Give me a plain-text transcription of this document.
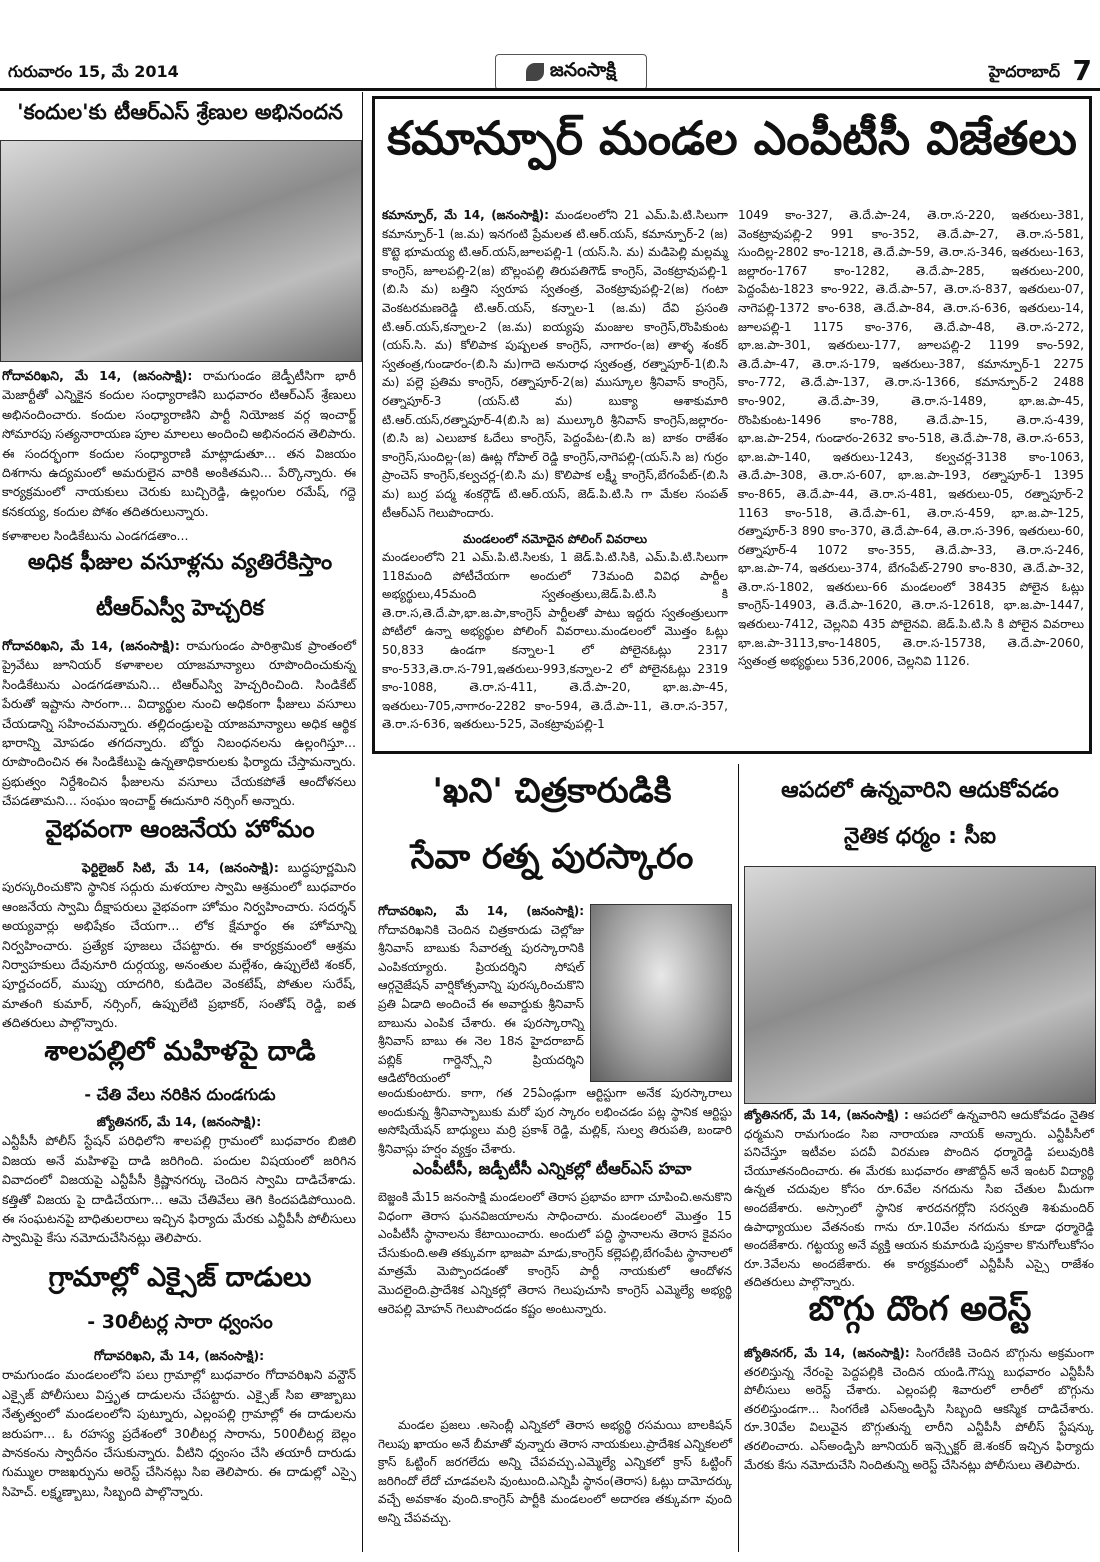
గురువారం 15, మే 2014	జనంసాక్షి	హైదరాబాద్ 7
'కందుల'కు టీఆర్ఎస్ శ్రేణుల అభినందన
గోదావరిఖని, మే 14, (జనంసాక్షి): రామగుండం జెడ్పీటీసిగా భారీ మెజార్టీతో ఎన్నికైన కందుల సంధ్యారాణిని బుధవారం టిఆర్ఎస్ శ్రేణులు అభినందించారు. కందుల సంధ్యారాణిని పార్టీ నియోజక వర్గ ఇంచార్జ్ సోమారపు సత్యనారాయణ పూల మాలలు అందించి అభినందన తెలిపారు. ఈ సందర్భంగా కందుల సంధ్యారాణి మాట్లాడుతూ... తన విజయం దిశగాను ఉద్యమంలో అమరులైన వారికి అంకితమని... పేర్కొన్నారు. ఈ కార్యక్రమంలో నాయకులు చెరుకు బుచ్చిరెడ్డి, ఉల్లంగుల రమేష్, గద్దె కనకయ్య, కందుల పోశం తదితరులున్నారు.
కళాశాలల సిండికేటును ఎండగడతాం...
అధిక ఫీజుల వసూళ్లను వ్యతిరేకిస్తాం
టీఆర్ఎస్వీ హెచ్చరిక
గోదావరిఖని, మే 14, (జనంసాక్షి): రామగుండం పారిశ్రామిక ప్రాంతంలో ప్రైవేటు జూనియర్ కళాశాలల యాజమాన్యాలు రూపొందించుకున్న సిండికేటును ఎండగడతామని... టిఆర్ఎస్వి హెచ్చరించింది. సిండికేట్ పేరుతో ఇష్టాను సారంగా... విద్యార్థుల నుంచి అధికంగా ఫీజులు వసూలు చేయడాన్ని సహించమన్నారు. తల్లిదండ్రులపై యాజమాన్యాలు అధిక ఆర్థిక భారాన్ని మోపడం తగదన్నారు. బోర్డు నిబంధనలను ఉల్లంగిస్తూ... రూపొందించిన ఈ సిండికేటుపై ఉన్నతాధికారులకు ఫిర్యాదు చేస్తామన్నారు. ప్రభుత్వం నిర్దేశించిన ఫీజులను వసూలు చేయకపోతే ఆందోళనలు చేపడతామని... సంఘం ఇంచార్జ్ ఈదునూరి నర్సింగ్ అన్నారు.
వైభవంగా ఆంజనేయ హోమం
ఫెర్టిలైజర్ సిటి, మే 14, (జనంసాక్షి): బుద్ధపూర్ణమిని పురస్కరించుకొని స్థానిక సద్గురు మళయాల స్వామి ఆశ్రమంలో బుధవారం ఆంజనేయ స్వామి దీక్షాపరులు వైభవంగా హోమం నిర్వహించారు. సదర్శన్ అయ్యవార్లు అభిషేకం చేయగా... లోక క్షేమార్థం ఈ హోమాన్ని నిర్వహించారు. ప్రత్యేక పూజలు చేపట్టారు. ఈ కార్యక్రమంలో ఆశ్రమ నిర్వాహకులు దేవునూరి దుర్గయ్య, అనంతుల మల్లేశం, ఉప్పులేటి శంకర్, పూర్ణచందర్, ముప్పు యాదగిరి, కుడిదెల వెంకటేష్, పోతుల సురేష్, మాతంగి కుమార్, నర్సింగ్, ఉప్పులేటి ప్రభాకర్, సంతోష్ రెడ్డి, ఐత తదితరులు పాల్గొన్నారు.
శాలపల్లిలో మహిళపై దాడి
- చేతి వేలు నరికిన దుండగుడు
జ్యోతినగర్, మే 14, (జనంసాక్షి):
ఎన్టీపీసీ పోలీస్ స్టేషన్ పరిధిలోని శాలపల్లి గ్రామంలో బుధవారం బిజిలి విజయ అనే మహిళపై దాడి జరిగింది. పందుల విషయంలో జరిగిన వివాదంలో విజయపై ఎన్టీపీసీ క్రిష్ణానగర్కు చెందిన స్వామి దాడిచేశాడు. కత్తితో విజయ పై దాడిచేయగా... ఆమె చేతివేలు తెగి కిందపడిపోయింది. ఈ సంఘటనపై బాధితులరాలు ఇచ్చిన ఫిర్యాదు మేరకు ఎన్టీపీసీ పోలీసులు స్వామిపై కేసు నమోదుచేసినట్లు తెలిపారు.
గ్రామాల్లో ఎక్సైజ్ దాడులు
- 30లీటర్ల సారా ధ్వంసం
గోదావరిఖని, మే 14, (జనంసాక్షి):
రామగుండం మండలంలోని పలు గ్రామాల్లో బుధవారం గోదావరిఖని వన్టౌన్ ఎక్సైజ్ పోలీసులు విస్తృత దాడులను చేపట్టారు. ఎక్సైజ్ సిఐ తాజ్బాబు నేతృత్వంలో మండలంలోని పుట్నూరు, ఎల్లంపల్లి గ్రామాల్లో ఈ దాడులను జరుపగా... ఓ రహస్య ప్రదేశంలో 30లీటర్ల సారాను, 500లీటర్ల బెల్లం పానకంను స్వాదీనం చేసుకున్నారు. వీటిని ధ్వంసం చేసి తయారీ దారుడు గుమ్ముల రాజఖర్పును అరెస్ట్ చేసినట్లు సిఐ తెలిపారు. ఈ దాడుల్లో ఎస్సై సిహెచ్. లక్ష్మణ్బాబు, సిబ్బంది పాల్గొన్నారు.
కమాన్పూర్ మండల ఎంపీటీసీ విజేతలు
కమాన్పూర్, మే 14, (జనంసాక్షి): మండలంలోని 21 ఎమ్.పి.టి.సిలుగా కమాన్పూర్-1 (జ.మ) ఇనగంటి ప్రేమలత టి.ఆర్.యస్, కమాన్పూర్-2 (జ) కొట్టె భూమయ్య టి.ఆర్.యస్,జూలపల్లి-1 (యస్.సి. మ) మడిపెల్లి మల్లమ్మ కాంగ్రెస్, జూలపల్లి-2(జ) బొల్లంపల్లి తిరుపతిగౌడ్ కాంగ్రెస్, వెంకట్రావుపల్లి-1 (బి.సి మ) బత్తిని స్వరూప స్వతంత్ర, వెంకట్రావుపల్లి-2(జ) గంటా వెంకటరమణరెడ్డి టి.ఆర్.యస్, కన్నాల-1 (జ.మ) దేవి ప్రసంతి టి.ఆర్.యస్,కన్నాల-2 (జ.మ) ఐయ్యపు మంజుల కాంగ్రెస్,రొంపికుంట (యస్.సి. మ) కోలిపాక పుష్పలత కాంగ్రెస్, నాగారం-(జ) తాళ్ళ శంకర్ స్వతంత్ర,గుండారం-(బి.సి మ)గాదె అనురాధ స్వతంత్ర, రత్నాపూర్-1(బి.సి మ) పల్లె ప్రతిమ కాంగ్రెస్, రత్నాపూర్-2(జ) ముస్కూల శ్రీనివాస్ కాంగ్రెస్, రత్నాపూర్-3 (యస్.టి మ) బుక్యా ఆశాకుమారి టి.ఆర్.యస్,రత్నాపూర్-4(బి.సి జ) ముల్కూరి శ్రీనివాస్ కాంగ్రెస్,జల్లారం-(బి.సి జ) ఎలుబాక ఓదేలు కాంగ్రెస్, పెద్దంపేట-(బి.సి జ) బాకం రాజేశం కాంగ్రెస్,సుందిల్ల-(జ) ఊట్ల గోపాల్ రెడ్డి కాంగ్రెస్,నాగెపల్లి-(యస్.సి జ) గుర్రం ప్రాంచెస్ కాంగ్రెస్,కల్వచర్ల-(బి.సి మ) కొలిపాక లక్ష్మీ కాంగ్రెస్,బేగంపేట్-(బి.సి మ) బుర్ర పద్మ శంకర్గౌడ్ టి.ఆర్.యస్, జెడ్.పి.టి.సి గా మేకల సంపత్ టీఆర్ఎస్ గెలుపొందారు.
మండలంలో నమోదైన పోలింగ్ వివరాలు
మండలంలోని 21 ఎమ్.పి.టి.సిలకు, 1 జెడ్.పి.టి.సికి, ఎమ్.పి.టి.సిలుగా 118మంది పోటీచేయగా అందులో 73మంది వివిధ పార్టీల అభ్యర్థులు,45మంది స్వతంత్రులు,జెడ్.పి.టి.సి కి తె.రా.స,తె.దే.పా,భా.జ.పా,కాంగ్రెస్ పార్టీలతో పాటు ఇద్దరు స్వతంత్రులుగా పోటీలో ఉన్నా అభ్యర్థుల పోలింగ్ వివరాలు.మండలంలో మొత్తం ఓట్లు 50,833 ఉండగా కన్నాల-1 లో పోలైనఓట్లు 2317 కాం-533,తె.రా.స-791,ఇతరులు-993,కన్నాల-2 లో పోలైనఓట్లు 2319 కాం-1088, తె.రా.స-411, తె.దే.పా-20, భా.జ.పా-45, ఇతరులు-705,నాగారం-2282 కాం-594, తె.దే.పా-11, తె.రా.స-357, తె.రా.స-636, ఇతరులు-525, వెంకట్రావుపల్లి-1
1049 కాం-327, తె.దే.పా-24, తె.రా.స-220, ఇతరులు-381, వెంకట్రావుపల్లి-2 991 కాం-352, తె.దే.పా-27, తె.రా.స-581, సుందిల్ల-2802 కాం-1218, తె.దే.పా-59, తె.రా.స-346, ఇతరులు-163, జల్లారం-1767 కాం-1282, తె.దే.పా-285, ఇతరులు-200, పెద్దంపేట-1823 కాం-922, తె.దే.పా-57, తె.రా.స-837, ఇతరులు-07, నాగెపల్లి-1372 కాం-638, తె.దే.పా-84, తె.రా.స-636, ఇతరులు-14, జూలపల్లి-1 1175 కాం-376, తె.దే.పా-48, తె.రా.స-272, భా.జ.పా-301, ఇతరులు-177, జూలపల్లి-2 1199 కాం-592, తె.దే.పా-47, తె.రా.స-179, ఇతరులు-387, కమాన్పూర్-1 2275 కాం-772, తె.దే.పా-137, తె.రా.స-1366, కమాన్పూర్-2 2488 కాం-902, తె.దే.పా-39, తె.రా.స-1489, భా.జ.పా-45, రొంపికుంట-1496 కాం-788, తె.దే.పా-15, తె.రా.స-439, భా.జ.పా-254, గుండారం-2632 కాం-518, తె.దే.పా-78, తె.రా.స-653, భా.జ.పా-140, ఇతరులు-1243, కల్వచర్ల-3138 కాం-1063, తె.దే.పా-308, తె.రా.స-607, భా.జ.పా-193, రత్నాపూర్-1 1395 కాం-865, తె.దే.పా-44, తె.రా.స-481, ఇతరులు-05, రత్నాపూర్-2 1163 కాం-518, తె.దే.పా-61, తె.రా.స-459, భా.జ.పా-125, రత్నాపూర్-3 890 కాం-370, తె.దే.పా-64, తె.రా.స-396, ఇతరులు-60, రత్నాపూర్-4 1072 కాం-355, తె.దే.పా-33, తె.రా.స-246, భా.జ.పా-74, ఇతరులు-374, బేగంపేట్-2790 కాం-830, తె.దే.పా-32, తె.రా.స-1802, ఇతరులు-66 మండలంలో 38435 పోలైన ఓట్లు కాంగ్రెస్-14903, తె.దే.పా-1620, తె.రా.స-12618, భా.జ.పా-1447, ఇతరులు-7412, చెల్లనివి 435 పోలైనవి. జెడ్.పి.టి.సి కి పోలైన వివరాలు భా.జ.పా-3113,కాం-14805, తె.రా.స-15738, తె.దే.పా-2060, స్వతంత్ర అభ్యర్థులు 536,2006, చెల్లనివి 1126.
'ఖని' చిత్రకారుడికి
సేవా రత్న పురస్కారం
గోదావరిఖని, మే 14, (జనంసాక్షి): గోదావరిఖనికి చెందిన చిత్రకారుడు చెల్లోజు శ్రీనివాస్ బాబుకు సేవారత్న పురస్కారానికి ఎంపికయ్యారు. ప్రియదర్శిని సోషల్ ఆర్గనైజేషన్ వార్షికోత్సవాన్ని పురస్కరించుకొని ప్రతి ఏడాది అందించే ఈ అవార్డుకు శ్రీనివాస్ బాబును ఎంపిక చేశారు. ఈ పురస్కారాన్ని శ్రీనివాస్ బాబు ఈ నెల 18న హైదరాబాద్ పబ్లిక్ గార్డెన్స్లోని ప్రియదర్శిని ఆడిటోరియంలో
అందుకుంటారు. కాగా, గత 25ఏండ్లుగా ఆర్టిస్టుగా అనేక పురస్కారాలు అందుకున్న శ్రీనివాస్బాబుకు మరో పుర స్కారం లభించడం పట్ల స్థానిక ఆర్టిస్టు అసోషియేషన్ బాధ్యులు మర్రి ప్రకాశ్ రెడ్డి, మల్లిక్, సుల్వ తిరుపతి, బండారి శ్రీనివాస్లు హర్షం వ్యక్తం చేశారు.
ఎంపీటీసీ, జడ్పీటీసీ ఎన్నికల్లో టీఆర్ఎస్ హవా
బెజ్జంకి మే15 జనంసాక్షి మండలంలో తెరాస ప్రభావం బాగా చూపించి.అనుకొని విధంగా తెరాస ఘనవిజయాలను సాధించారు. మండలంలో మొత్తం 15 ఎంపీటీసీ స్థానాలను కేటాయించారు. అందులో పద్ది స్థానాలను తెరాస కైవసం చేసుకుంది.అతి తక్కువగా భాజపా మాడు,కాంగ్రెస్ కల్లెపల్లి,బేగంపేట స్థానాలలో మాత్రమే మెప్పొందడంతో కాంగ్రెస్ పార్టీ నాయకులో ఆందోళన మొదలైంది.ప్రాదేశిక ఎన్నికల్లో తెరాస గెలుపుచూసి కాంగ్రెస్ ఎమ్మెల్యే అభ్యర్థి ఆరెపల్లి మోహన్ గెలుపొందడం కష్టం అంటున్నారు.
మండల ప్రజలు .అసెంబ్లీ ఎన్నికలో తెరాస అభ్యర్థి రసమయి బాలకిషన్ గెలుపు ఖాయం అనే బీమాతో వున్నారు తెరాస నాయకులు.ప్రాదేశిక ఎన్నికలలో క్రాస్ ఓట్టింగ్ జరగలేదు అన్ని చేపవచ్చు.ఎమ్మెల్యే ఎన్నికలో క్రాస్ ఓట్టింగ్ జరిగిందో లేదో చూడవలసి వుంటుంది.ఎన్నిపీ స్థానం(తెరాస) ఓట్లు దామోదర్కు వచ్చే అవకాశం వుంది.కాంగ్రెస్ పార్టీకి మండలంలో అదారణ తక్కువగా వుంది అన్ని చేపవచ్చు.
ఆపదలో ఉన్నవారిని ఆదుకోవడం
నైతిక ధర్మం : సీఐ
జ్యోతినగర్, మే 14, (జనంసాక్షి) : ఆపదలో ఉన్నవారిని ఆదుకోవడం నైతిక ధర్మమని రామగుండం సిఐ నారాయణ నాయక్ అన్నారు. ఎన్టీపీసీలో పనిచేస్తూ ఇటీవల పదవీ విరమణ పొందిన ధర్మారెడ్డి పలువురికి చేయూతనందించారు. ఈ మేరకు బుధవారం తాజొద్దీన్ అనే ఇంటర్ విద్యార్థి ఉన్నత చదువుల కోసం రూ.6వేల నగదును సిఐ చేతుల మీదుగా అందజేశారు. అస్సాంలో స్థానిక శారదనగర్లోని సరస్వతి శిశుమందిర్ ఉపాధ్యాయుల వేతనంకు గాను రూ.10వేల నగదును కూడా ధర్మారెడ్డి అందజేశారు. గట్టయ్య అనే వ్యక్తి ఆయన కుమారుడి పుస్తకాల కొనుగోలుకోసం రూ.3వేలను అందజేశారు. ఈ కార్యక్రమంలో ఎన్టీపీసీ ఎస్సై రాజేశం తదితరులు పాల్గొన్నారు.
బొగ్గు దొంగ అరెస్ట్
జ్యోతినగర్, మే 14, (జనంసాక్షి): సింగరేణికి చెందిన బొగ్గును అక్రమంగా తరలిస్తున్న నేరంపై పెద్దపల్లికి చెందిన యండి.గౌస్ను బుధవారం ఎన్టీపీసీ పోలీసులు అరెస్ట్ చేశారు. ఎల్లంపల్లి శివారులో లారీలో బొగ్గును తరలిస్తుండగా... సింగరేణి ఎస్అండ్పిసి సిబ్బంది ఆకస్మిక దాడిచేశారు. రూ.30వేల విలువైన బొగ్గుతున్న లారీని ఎన్టీపీసీ పోలీస్ స్టేషన్కు తరలించారు. ఎస్అండ్పిసి జూనియర్ ఇన్స్పెక్టర్ జె.శంకర్ ఇచ్చిన ఫిర్యాదు మేరకు కేసు నమోదుచేసి నిందితున్ని అరెస్ట్ చేసినట్లు పోలీసులు తెలిపారు.
